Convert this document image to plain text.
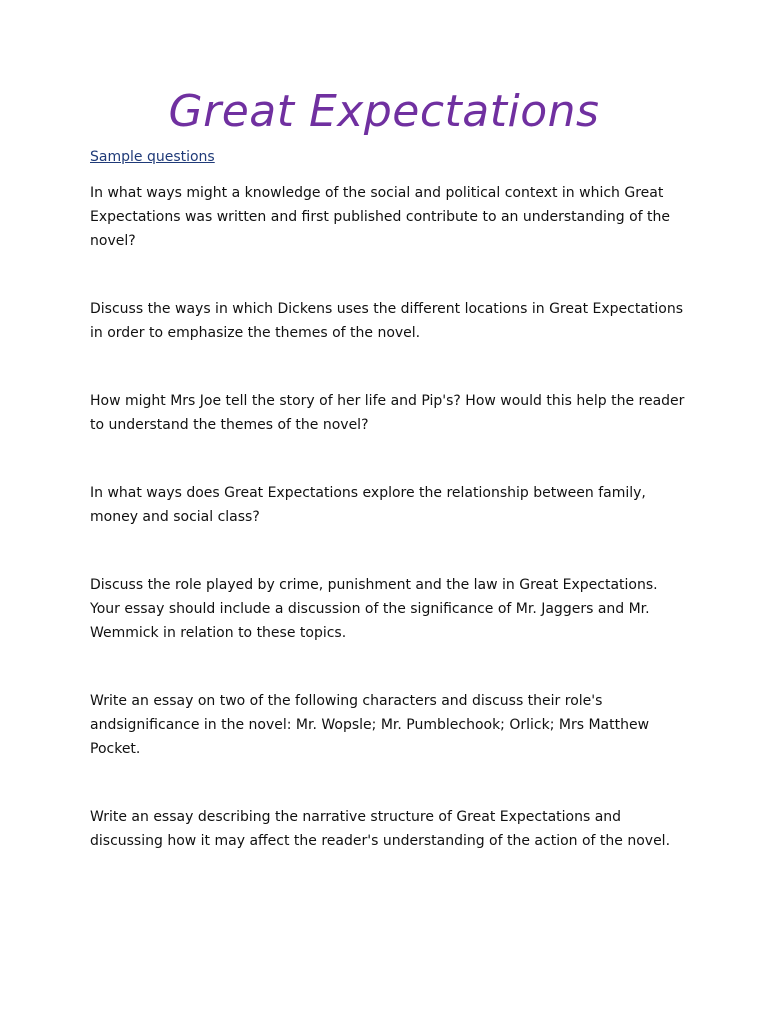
Great Expectations
Sample questions

In what ways might a knowledge of the social and political context in which Great Expectations was written and first published contribute to an understanding of the novel?

Discuss the ways in which Dickens uses the different locations in Great Expectations in order to emphasize the themes of the novel.

How might Mrs Joe tell the story of her life and Pip's? How would this help the reader to understand the themes of the novel?

In what ways does Great Expectations explore the relationship between family, money and social class?

Discuss the role played by crime, punishment and the law in Great Expectations. Your essay should include a discussion of the significance of Mr. Jaggers and Mr. Wemmick in relation to these topics.

Write an essay on two of the following characters and discuss their role's andsignificance in the novel: Mr. Wopsle; Mr. Pumblechook; Orlick; Mrs Matthew Pocket.

Write an essay describing the narrative structure of Great Expectations and discussing how it may affect the reader's understanding of the action of the novel.
